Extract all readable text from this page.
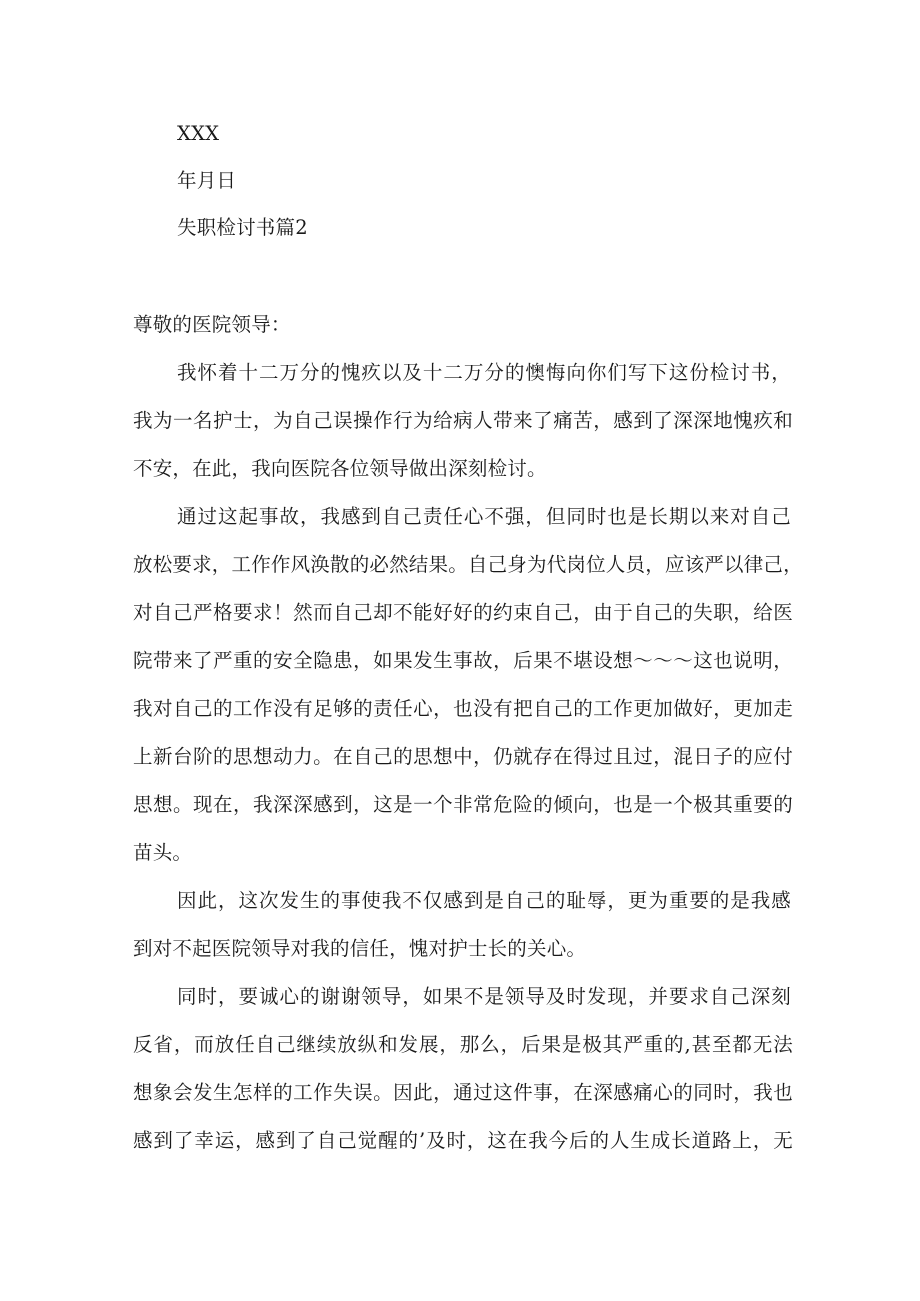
XXX
年月日
失职检讨书篇2
尊敬的医院领导：
我怀着十二万分的愧疚以及十二万分的懊悔向你们写下这份检讨书，
我为一名护士，为自己误操作行为给病人带来了痛苦，感到了深深地愧疚和
不安，在此，我向医院各位领导做出深刻检讨。
通过这起事故，我感到自己责任心不强，但同时也是长期以来对自己
放松要求，工作作风涣散的必然结果。自己身为代岗位人员，应该严以律己，
对自己严格要求！然而自己却不能好好的约束自己，由于自己的失职，给医
院带来了严重的安全隐患，如果发生事故，后果不堪设想～～～这也说明，
我对自己的工作没有足够的责任心，也没有把自己的工作更加做好，更加走
上新台阶的思想动力。在自己的思想中，仍就存在得过且过，混日子的应付
思想。现在，我深深感到，这是一个非常危险的倾向，也是一个极其重要的
苗头。
因此，这次发生的事使我不仅感到是自己的耻辱，更为重要的是我感
到对不起医院领导对我的信任，愧对护士长的关心。
同时，要诚心的谢谢领导，如果不是领导及时发现，并要求自己深刻
反省，而放任自己继续放纵和发展，那么，后果是极其严重的,甚至都无法
想象会发生怎样的工作失误。因此，通过这件事，在深感痛心的同时，我也
感到了幸运，感到了自己觉醒的’及时，这在我今后的人生成长道路上，无
